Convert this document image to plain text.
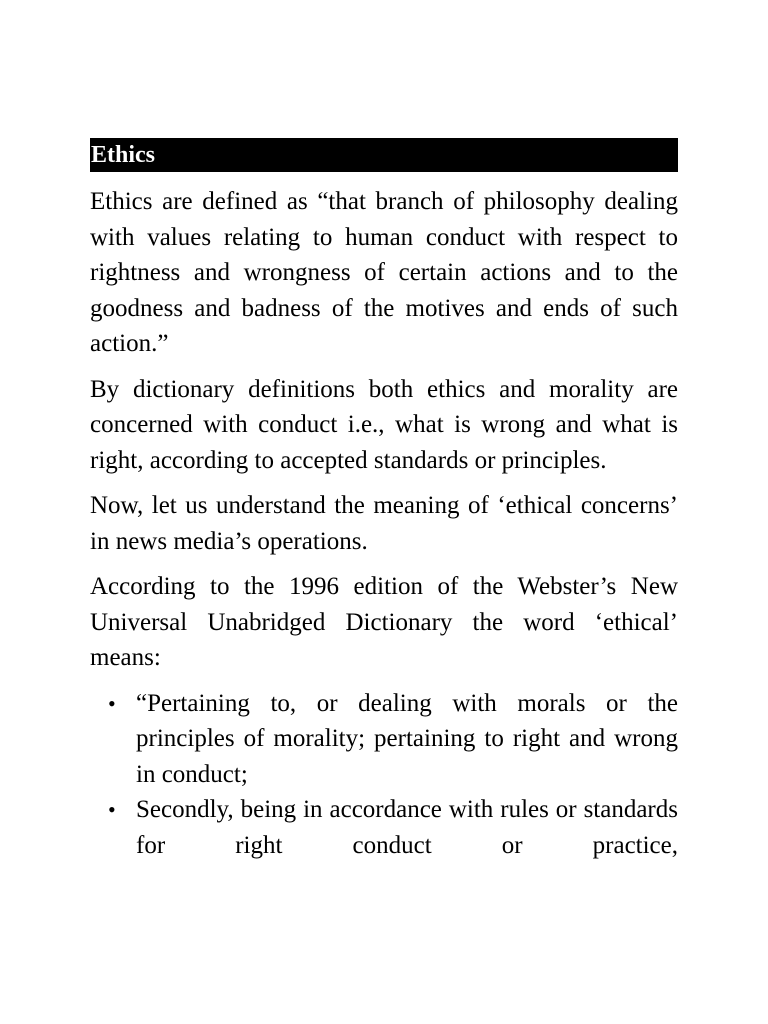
Ethics

Ethics are defined as “that branch of philosophy dealing with values relating to human conduct with respect to rightness and wrongness of certain actions and to the goodness and badness of the motives and ends of such action.”

By dictionary definitions both ethics and morality are concerned with conduct i.e., what is wrong and what is right, according to accepted standards or principles.

Now, let us understand the meaning of ‘ethical concerns’ in news media’s operations.

According to the 1996 edition of the Webster’s New Universal Unabridged Dictionary the word ‘ethical’ means:

• “Pertaining to, or dealing with morals or the principles of morality; pertaining to right and wrong in conduct;
• Secondly, being in accordance with rules or standards for right conduct or practice,
